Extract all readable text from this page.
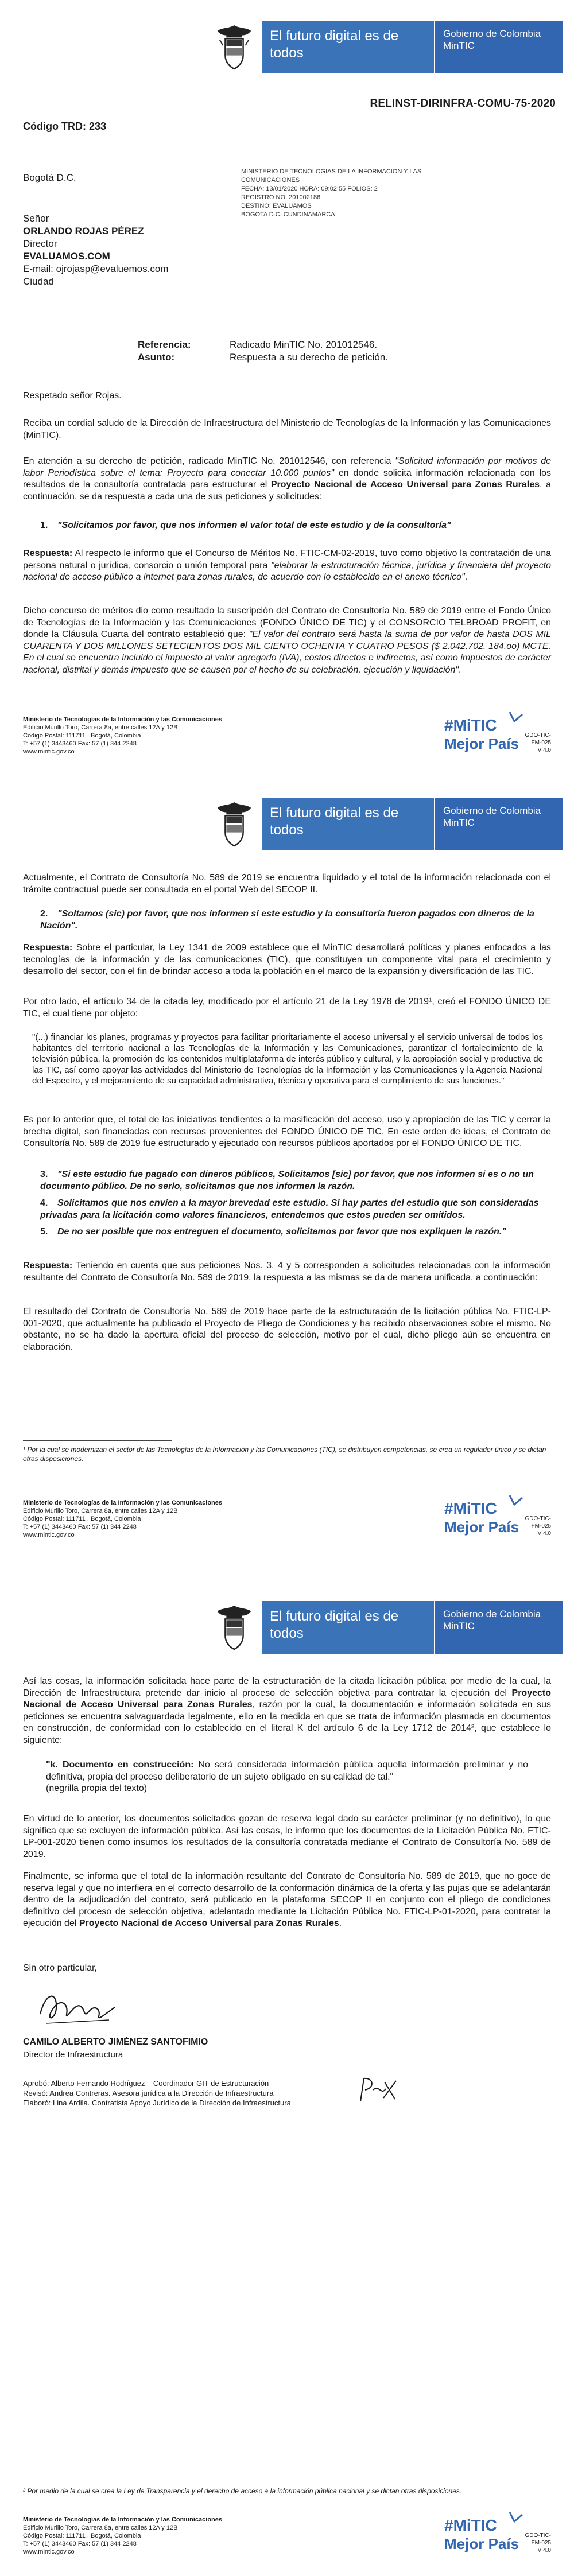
El futuro digital es de todos
Gobierno de Colombia MinTIC
RELINST-DIRINFRA-COMU-75-2020
Código TRD: 233
Bogotá D.C.
MINISTERIO DE TECNOLOGIAS DE LA INFORMACION Y LAS COMUNICACIONES
FECHA: 13/01/2020 HORA: 09:02:55 FOLIOS: 2
REGISTRO NO: 201002186
DESTINO: EVALUAMOS
BOGOTA D.C, CUNDINAMARCA
Señor
ORLANDO ROJAS PÉREZ
Director
EVALUAMOS.COM
E-mail: ojrojasp@evaluemos.com
Ciudad
Referencia:	Radicado MinTIC No. 201012546.
Asunto:	Respuesta a su derecho de petición.

Respetado señor Rojas.

Reciba un cordial saludo de la Dirección de Infraestructura del Ministerio de Tecnologías de la Información y las Comunicaciones (MinTIC).

En atención a su derecho de petición, radicado MinTIC No. 201012546, con referencia "Solicitud información por motivos de labor Periodística sobre el tema: Proyecto para conectar 10.000 puntos" en donde solicita información relacionada con los resultados de la consultoría contratada para estructurar el Proyecto Nacional de Acceso Universal para Zonas Rurales, a continuación, se da respuesta a cada una de sus peticiones y solicitudes:

1. "Solicitamos por favor, que nos informen el valor total de este estudio y de la consultoría"

Respuesta: Al respecto le informo que el Concurso de Méritos No. FTIC-CM-02-2019, tuvo como objetivo la contratación de una persona natural o jurídica, consorcio o unión temporal para "elaborar la estructuración técnica, jurídica y financiera del proyecto nacional de acceso público a internet para zonas rurales, de acuerdo con lo establecido en el anexo técnico".

Dicho concurso de méritos dio como resultado la suscripción del Contrato de Consultoría No. 589 de 2019 entre el Fondo Único de Tecnologías de la Información y las Comunicaciones (FONDO ÚNICO DE TIC) y el CONSORCIO TELBROAD PROFIT, en donde la Cláusula Cuarta del contrato estableció que: "El valor del contrato será hasta la suma de por valor de hasta DOS MIL CUARENTA Y DOS MILLONES SETECIENTOS DOS MIL CIENTO OCHENTA Y CUATRO PESOS ($ 2.042.702. 184.oo) MCTE. En el cual se encuentra incluido el impuesto al valor agregado (IVA), costos directos e indirectos, así como impuestos de carácter nacional, distrital y demás impuesto que se causen por el hecho de su celebración, ejecución y liquidación".

Ministerio de Tecnologías de la Información y las Comunicaciones
Edificio Murillo Toro, Carrera 8a, entre calles 12A y 12B
Código Postal: 111711 , Bogotá, Colombia
T: +57 (1) 3443460 Fax: 57 (1) 344 2248
www.mintic.gov.co
#MiTIC
Mejor País	GDO-TIC-FM-025
V 4.0
El futuro digital es de todos
Gobierno de Colombia MinTIC

Actualmente, el Contrato de Consultoría No. 589 de 2019 se encuentra liquidado y el total de la información relacionada con el trámite contractual puede ser consultada en el portal Web del SECOP II.

2. "Soltamos (sic) por favor, que nos informen si este estudio y la consultoría fueron pagados con dineros de la Nación".

Respuesta: Sobre el particular, la Ley 1341 de 2009 establece que el MinTIC desarrollará políticas y planes enfocados a las tecnologías de la información y de las comunicaciones (TIC), que constituyen un componente vital para el crecimiento y desarrollo del sector, con el fin de brindar acceso a toda la población en el marco de la expansión y diversificación de las TIC.

Por otro lado, el artículo 34 de la citada ley, modificado por el artículo 21 de la Ley 1978 de 2019¹, creó el FONDO ÚNICO DE TIC, el cual tiene por objeto:

"(...) financiar los planes, programas y proyectos para facilitar prioritariamente el acceso universal y el servicio universal de todos los habitantes del territorio nacional a las Tecnologías de la Información y las Comunicaciones, garantizar el fortalecimiento de la televisión pública, la promoción de los contenidos multiplataforma de interés público y cultural, y la apropiación social y productiva de las TIC, así como apoyar las actividades del Ministerio de Tecnologías de la Información y las Comunicaciones y la Agencia Nacional del Espectro, y el mejoramiento de su capacidad administrativa, técnica y operativa para el cumplimiento de sus funciones."

Es por lo anterior que, el total de las iniciativas tendientes a la masificación del acceso, uso y apropiación de las TIC y cerrar la brecha digital, son financiadas con recursos provenientes del FONDO ÚNICO DE TIC. En este orden de ideas, el Contrato de Consultoría No. 589 de 2019 fue estructurado y ejecutado con recursos públicos aportados por el FONDO ÚNICO DE TIC.

3. "Si este estudio fue pagado con dineros públicos, Solicitamos [sic] por favor, que nos informen si es o no un documento público. De no serlo, solicitamos que nos informen la razón.

4. Solicitamos que nos envíen a la mayor brevedad este estudio. Si hay partes del estudio que son consideradas privadas para la licitación como valores financieros, entendemos que estos pueden ser omitidos.

5. De no ser posible que nos entreguen el documento, solicitamos por favor que nos expliquen la razón."

Respuesta: Teniendo en cuenta que sus peticiones Nos. 3, 4 y 5 corresponden a solicitudes relacionadas con la información resultante del Contrato de Consultoría No. 589 de 2019, la respuesta a las mismas se da de manera unificada, a continuación:

El resultado del Contrato de Consultoría No. 589 de 2019 hace parte de la estructuración de la licitación pública No. FTIC-LP-001-2020, que actualmente ha publicado el Proyecto de Pliego de Condiciones y ha recibido observaciones sobre el mismo. No obstante, no se ha dado la apertura oficial del proceso de selección, motivo por el cual, dicho pliego aún se encuentra en elaboración.

¹ Por la cual se modernizan el sector de las Tecnologías de la Información y las Comunicaciones (TIC), se distribuyen competencias, se crea un regulador único y se dictan otras disposiciones.

Ministerio de Tecnologías de la Información y las Comunicaciones
Edificio Murillo Toro, Carrera 8a, entre calles 12A y 12B
Código Postal: 111711 , Bogotá, Colombia
T: +57 (1) 3443460 Fax: 57 (1) 344 2248
www.mintic.gov.co
#MiTIC
Mejor País	GDO-TIC-FM-025
V 4.0
El futuro digital es de todos
Gobierno de Colombia MinTIC

Así las cosas, la información solicitada hace parte de la estructuración de la citada licitación pública por medio de la cual, la Dirección de Infraestructura pretende dar inicio al proceso de selección objetiva para contratar la ejecución del Proyecto Nacional de Acceso Universal para Zonas Rurales, razón por la cual, la documentación e información solicitada en sus peticiones se encuentra salvaguardada legalmente, ello en la medida en que se trata de información plasmada en documentos en construcción, de conformidad con lo establecido en el literal K del artículo 6 de la Ley 1712 de 2014², que establece lo siguiente:

"k. Documento en construcción: No será considerada información pública aquella información preliminar y no definitiva, propia del proceso deliberatorio de un sujeto obligado en su calidad de tal."
(negrilla propia del texto)

En virtud de lo anterior, los documentos solicitados gozan de reserva legal dado su carácter preliminar (y no definitivo), lo que significa que se excluyen de información pública. Así las cosas, le informo que los documentos de la Licitación Pública No. FTIC-LP-001-2020 tienen como insumos los resultados de la consultoría contratada mediante el Contrato de Consultoría No. 589 de 2019.

Finalmente, se informa que el total de la información resultante del Contrato de Consultoría No. 589 de 2019, que no goce de reserva legal y que no interfiera en el correcto desarrollo de la conformación dinámica de la oferta y las pujas que se adelantarán dentro de la adjudicación del contrato, será publicado en la plataforma SECOP II en conjunto con el pliego de condiciones definitivo del proceso de selección objetiva, adelantado mediante la Licitación Pública No. FTIC-LP-01-2020, para contratar la ejecución del Proyecto Nacional de Acceso Universal para Zonas Rurales.

Sin otro particular,

CAMILO ALBERTO JIMÉNEZ SANTOFIMIO
Director de Infraestructura
Aprobó: Alberto Fernando Rodríguez – Coordinador GIT de Estructuración
Revisó: Andrea Contreras. Asesora jurídica a la Dirección de Infraestructura
Elaboró: Lina Ardila. Contratista Apoyo Jurídico de la Dirección de Infraestructura

² Por medio de la cual se crea la Ley de Transparencia y el derecho de acceso a la información pública nacional y se dictan otras disposiciones.

Ministerio de Tecnologías de la Información y las Comunicaciones
Edificio Murillo Toro, Carrera 8a, entre calles 12A y 12B
Código Postal: 111711 , Bogotá, Colombia
T: +57 (1) 3443460 Fax: 57 (1) 344 2248
www.mintic.gov.co
#MiTIC
Mejor País	GDO-TIC-FM-025
V 4.0
